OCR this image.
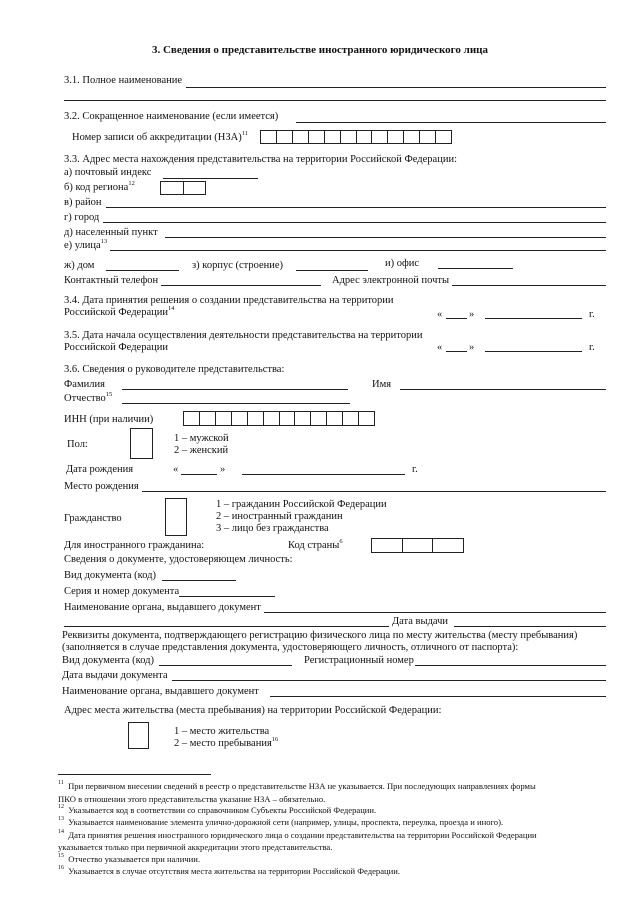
3. Сведения о представительстве иностранного юридического лица
3.1. Полное наименование
3.2. Сокращенное наименование (если имеется)
Номер записи об аккредитации (НЗА)$^{11}$
3.3. Адрес места нахождения представительства на территории Российской Федерации:
а) почтовый индекс
б) код региона$^{12}$
в) район
г) город
д) населенный пункт
е) улица$^{13}$
ж) дом	з) корпус (строение)	и) офис
Контактный телефон	Адрес электронной почты
3.4. Дата принятия решения о создании представительства на территории
Российской Федерации$^{14}$
«	»	г.
3.5. Дата начала осуществления деятельности представительства на территории
Российской Федерации	«	»	г.
3.6. Сведения о руководителе представительства:
Фамилия	Имя
Отчество$^{15}$
ИНН (при наличии)
Пол:
1 – мужской
2 – женский
Дата рождения	«	»	г.
Место рождения
Гражданство
1 – гражданин Российской Федерации
2 – иностранный гражданин
3 – лицо без гражданства
Для иностранного гражданина:	Код страны$^6$
Сведения о документе, удостоверяющем личность:
Вид документа (код)
Серия и номер документа
Наименование органа, выдавшего документ
Дата выдачи
Реквизиты документа, подтверждающего регистрацию физического лица по месту жительства (месту пребывания)
(заполняется в случае представления документа, удостоверяющего личность, отличного от паспорта):
Вид документа (код)	Регистрационный номер
Дата выдачи документа
Наименование органа, выдавшего документ
Адрес места жительства (места пребывания) на территории Российской Федерации:
1 – место жительства
2 – место пребывания$^{16}$
$^{11}$ При первичном внесении сведений в реестр о представительстве НЗА не указывается. При последующих направлениях формы
ПКО в отношении этого представительства указание НЗА – обязательно.
$^{12}$ Указывается код в соответствии со справочником Субъекты Российской Федерации.
$^{13}$ Указывается наименование элемента улично-дорожной сети (например, улицы, проспекта, переулка, проезда и иного).
$^{14}$ Дата принятия решения иностранного юридического лица о создании представительства на территории Российской Федерации
указывается только при первичной аккредитации этого представительства.
$^{15}$ Отчество указывается при наличии.
$^{16}$ Указывается в случае отсутствия места жительства на территории Российской Федерации.
